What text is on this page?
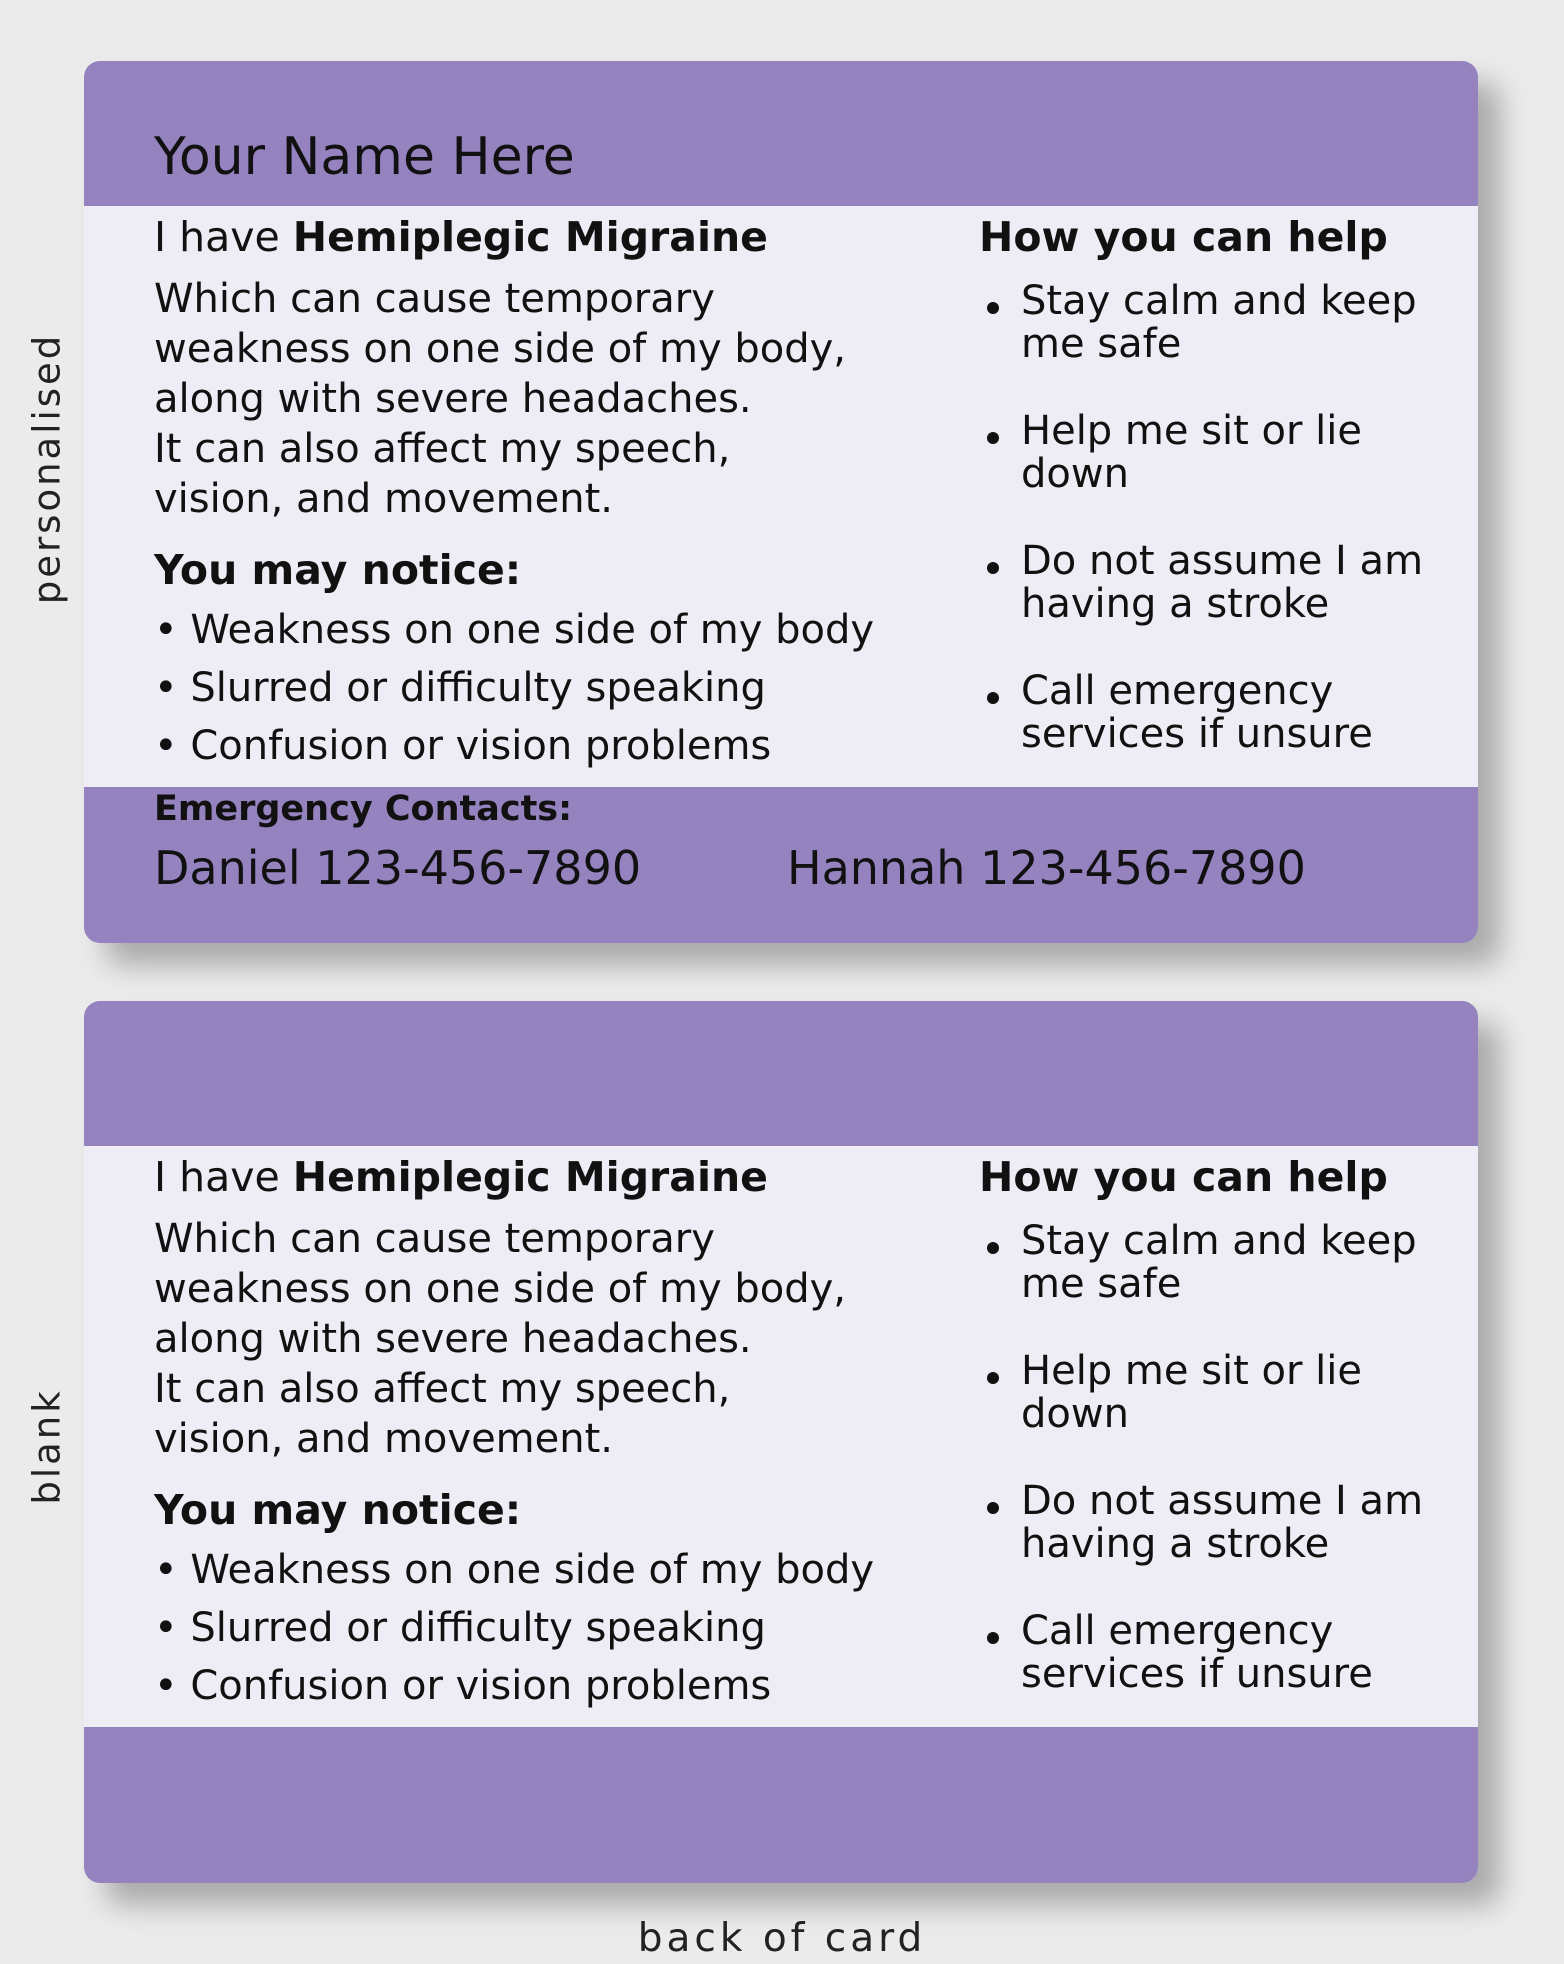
personalised
blank
Your Name Here
I have Hemiplegic Migraine
Which can cause temporary
weakness on one side of my body,
along with severe headaches.
It can also affect my speech,
vision, and movement.
You may notice:
• Weakness on one side of my body
• Slurred or difficulty speaking
• Confusion or vision problems
How you can help
Stay calm and keep me safe
Help me sit or lie down
Do not assume I am having a stroke
Call emergency services if unsure
Emergency Contacts:
Daniel 123-456-7890	Hannah 123-456-7890
I have Hemiplegic Migraine
Which can cause temporary
weakness on one side of my body,
along with severe headaches.
It can also affect my speech,
vision, and movement.
You may notice:
• Weakness on one side of my body
• Slurred or difficulty speaking
• Confusion or vision problems
How you can help
Stay calm and keep me safe
Help me sit or lie down
Do not assume I am having a stroke
Call emergency services if unsure
back of card
